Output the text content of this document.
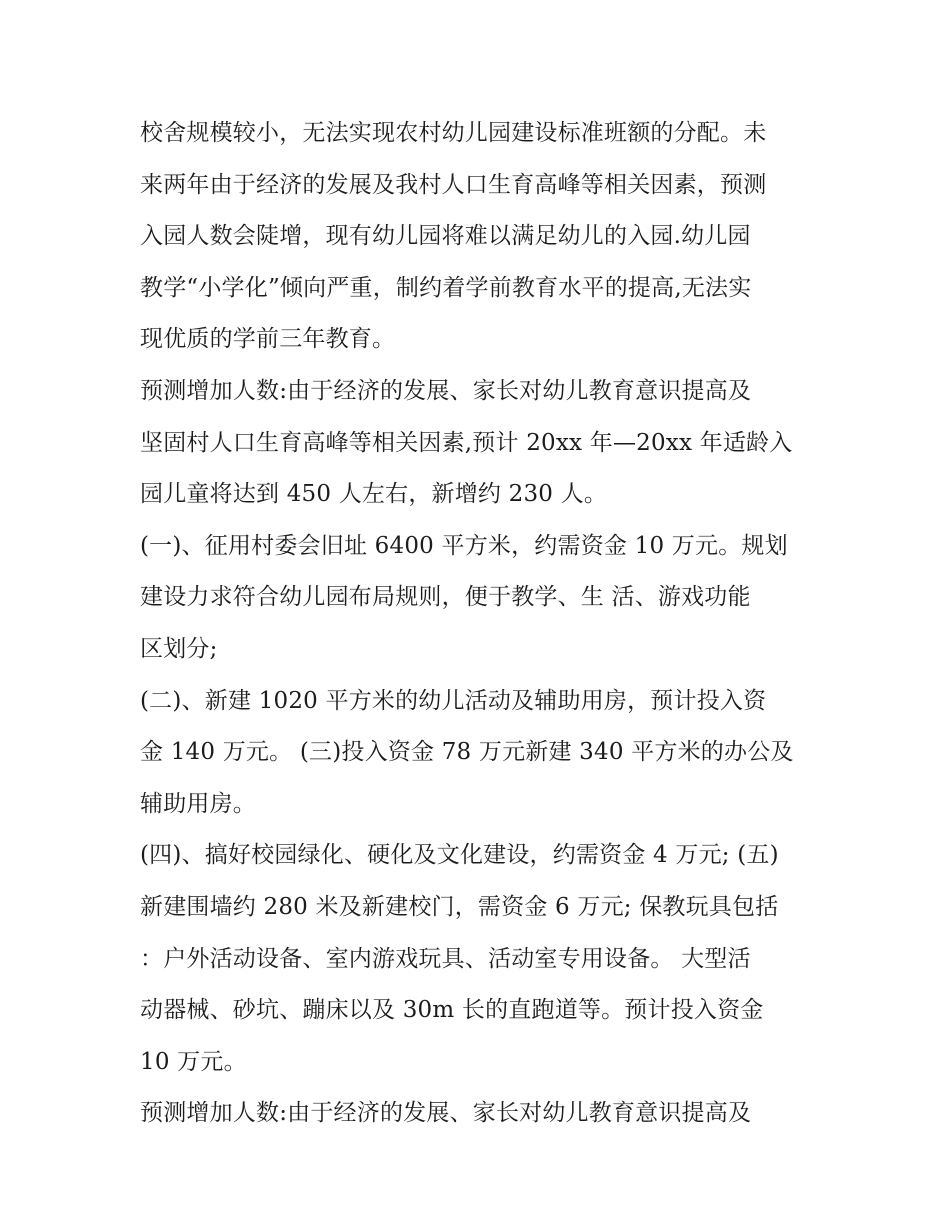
校舍规模较小，无法实现农村幼儿园建设标准班额的分配。未
来两年由于经济的发展及我村人口生育高峰等相关因素，预测
入园人数会陡增，现有幼儿园将难以满足幼儿的入园.幼儿园
教学“小学化”倾向严重，制约着学前教育水平的提高,无法实
现优质的学前三年教育。
预测增加人数:由于经济的发展、家长对幼儿教育意识提高及
坚固村人口生育高峰等相关因素,预计 20xx 年—20xx 年适龄入
园儿童将达到 450 人左右，新增约 230 人。
(一)、征用村委会旧址 6400 平方米，约需资金 10 万元。规划
建设力求符合幼儿园布局规则，便于教学、生 活、游戏功能
区划分;
(二)、新建 1020 平方米的幼儿活动及辅助用房，预计投入资
金 140 万元。 (三)投入资金 78 万元新建 340 平方米的办公及
辅助用房。
(四)、搞好校园绿化、硬化及文化建设，约需资金 4 万元; (五)
新建围墙约 280 米及新建校门，需资金 6 万元; 保教玩具包括
：户外活动设备、室内游戏玩具、活动室专用设备。 大型活
动器械、砂坑、蹦床以及 30m 长的直跑道等。预计投入资金
10 万元。
预测增加人数:由于经济的发展、家长对幼儿教育意识提高及
